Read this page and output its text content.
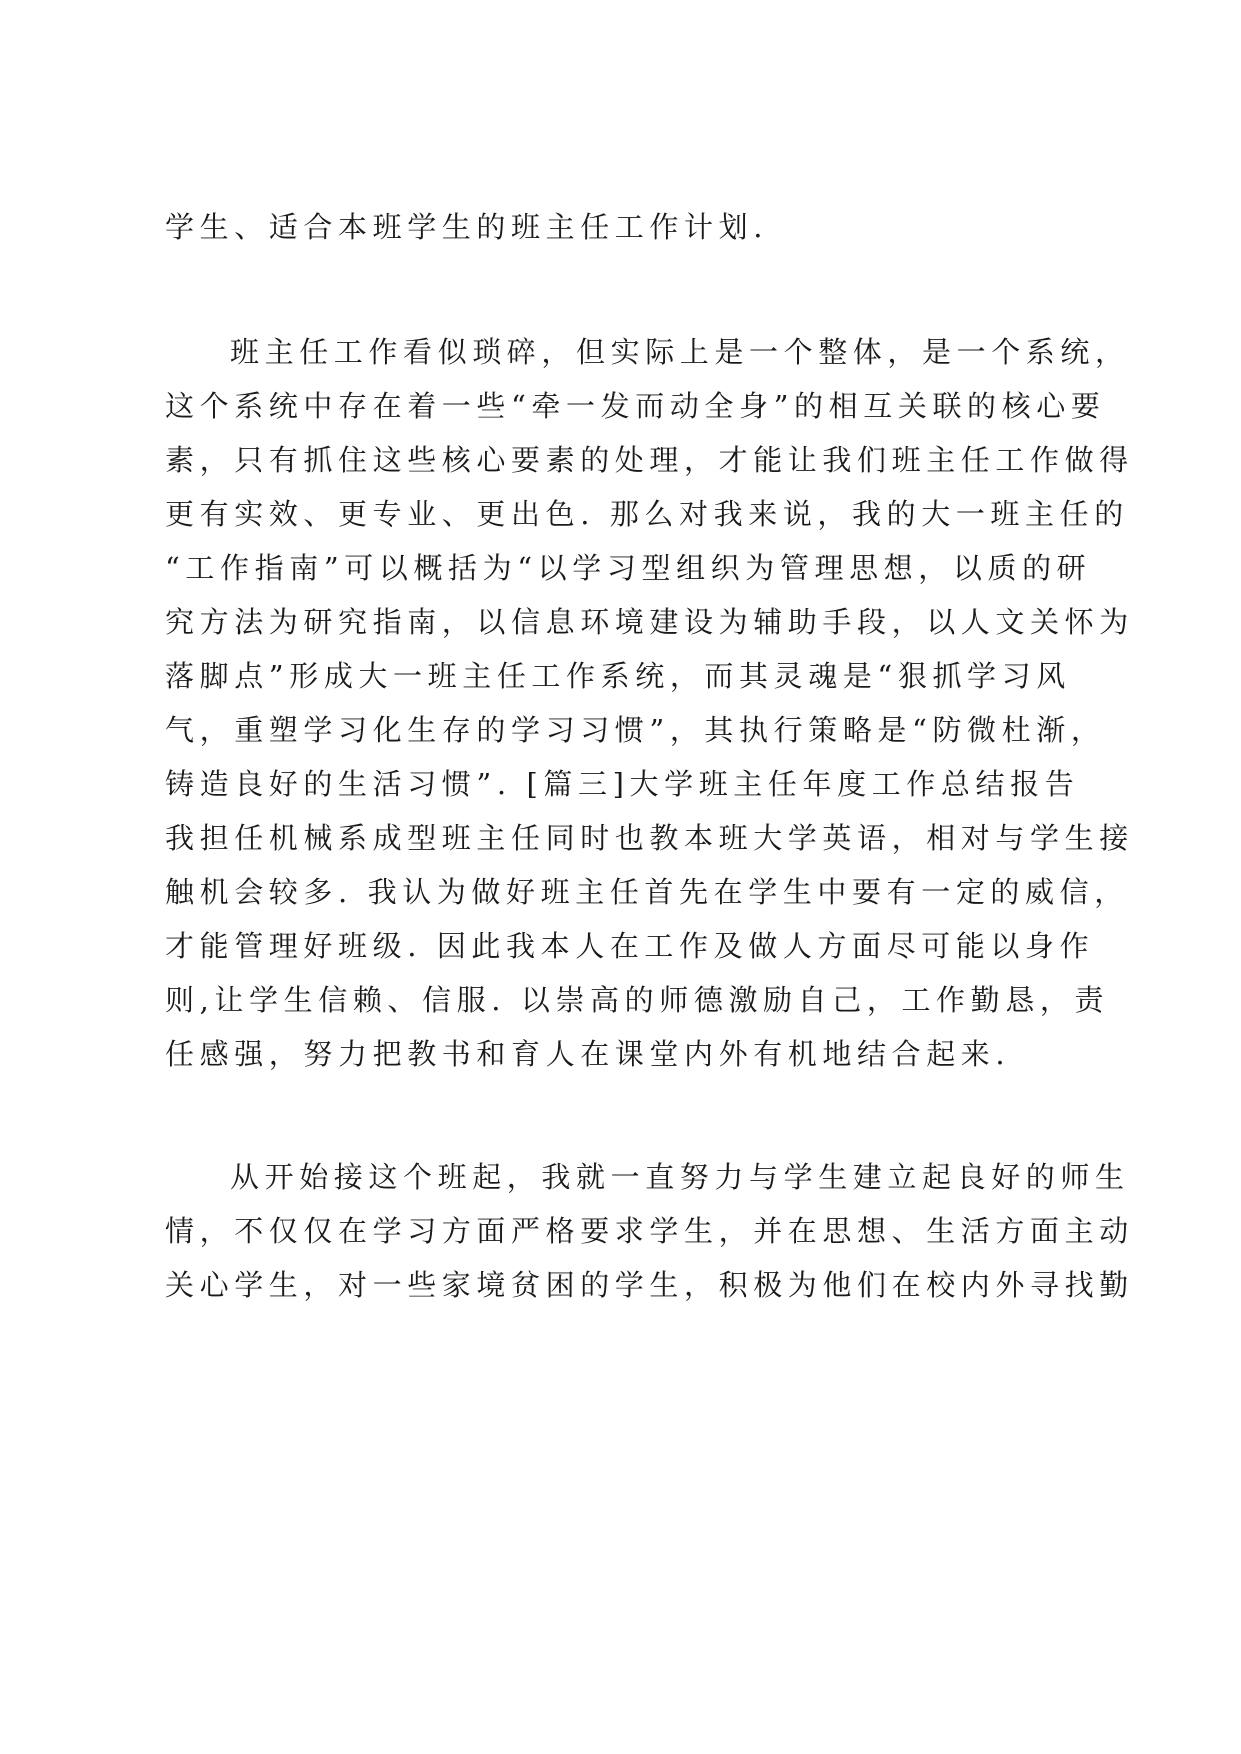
学生、适合本班学生的班主任工作计划.
班主任工作看似琐碎，但实际上是一个整体，是一个系统，
这个系统中存在着一些“牵一发而动全身”的相互关联的核心要
素，只有抓住这些核心要素的处理，才能让我们班主任工作做得
更有实效、更专业、更出色. 那么对我来说，我的大一班主任的
“工作指南”可以概括为“以学习型组织为管理思想，以质的研
究方法为研究指南，以信息环境建设为辅助手段，以人文关怀为
落脚点”形成大一班主任工作系统，而其灵魂是“狠抓学习风
气，重塑学习化生存的学习习惯”，其执行策略是“防微杜渐，
铸造良好的生活习惯”. [篇三]大学班主任年度工作总结报告
我担任机械系成型班主任同时也教本班大学英语，相对与学生接
触机会较多. 我认为做好班主任首先在学生中要有一定的威信，
才能管理好班级. 因此我本人在工作及做人方面尽可能以身作
则,让学生信赖、信服. 以崇高的师德激励自己，工作勤恳，责
任感强，努力把教书和育人在课堂内外有机地结合起来.
从开始接这个班起，我就一直努力与学生建立起良好的师生
情，不仅仅在学习方面严格要求学生，并在思想、生活方面主动
关心学生，对一些家境贫困的学生，积极为他们在校内外寻找勤
